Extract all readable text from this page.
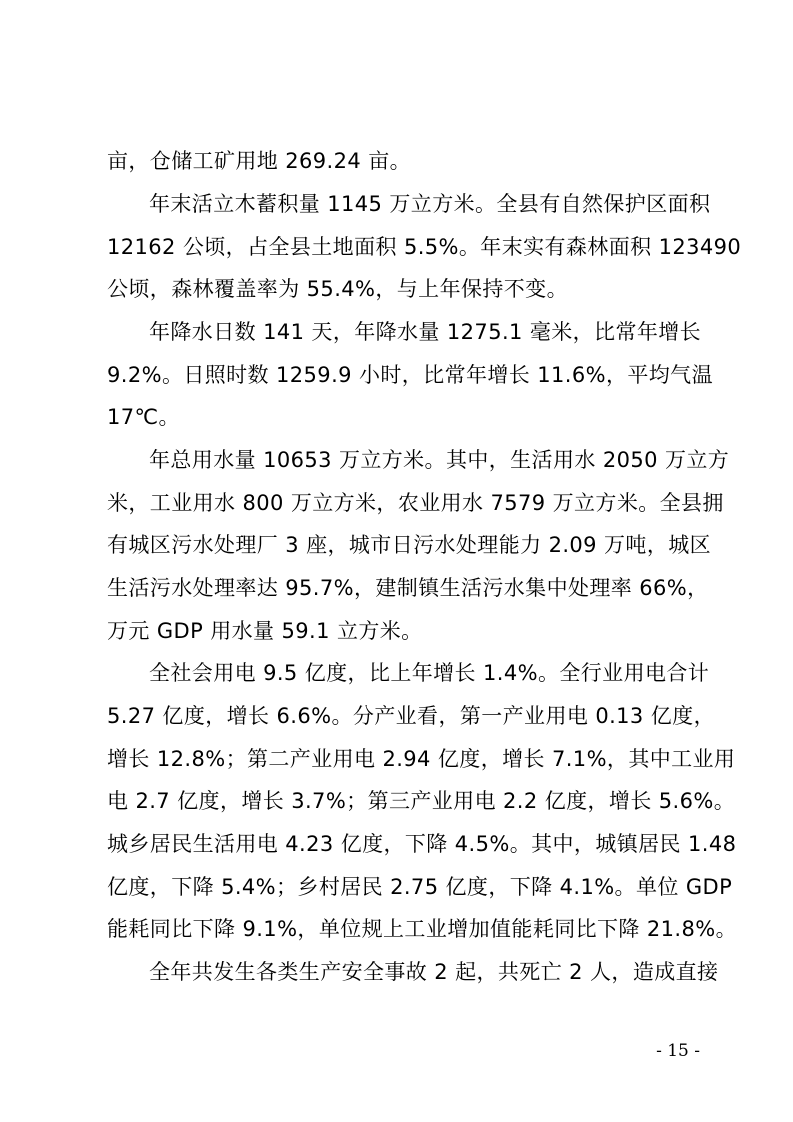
亩，仓储工矿用地 269.24 亩。
年末活立木蓄积量 1145 万立方米。全县有自然保护区面积
12162 公顷，占全县土地面积 5.5%。年末实有森林面积 123490
公顷，森林覆盖率为 55.4%，与上年保持不变。
年降水日数 141 天，年降水量 1275.1 毫米，比常年增长
9.2%。日照时数 1259.9 小时，比常年增长 11.6%，平均气温
17℃。
年总用水量 10653 万立方米。其中，生活用水 2050 万立方
米，工业用水 800 万立方米，农业用水 7579 万立方米。全县拥
有城区污水处理厂 3 座，城市日污水处理能力 2.09 万吨，城区
生活污水处理率达 95.7%，建制镇生活污水集中处理率 66%，
万元 GDP 用水量 59.1 立方米。
全社会用电 9.5 亿度，比上年增长 1.4%。全行业用电合计
5.27 亿度，增长 6.6%。分产业看，第一产业用电 0.13 亿度，
增长 12.8%；第二产业用电 2.94 亿度，增长 7.1%，其中工业用
电 2.7 亿度，增长 3.7%；第三产业用电 2.2 亿度，增长 5.6%。
城乡居民生活用电 4.23 亿度，下降 4.5%。其中，城镇居民 1.48
亿度，下降 5.4%；乡村居民 2.75 亿度，下降 4.1%。单位 GDP
能耗同比下降 9.1%，单位规上工业增加值能耗同比下降 21.8%。
全年共发生各类生产安全事故 2 起，共死亡 2 人，造成直接
- 15 -
